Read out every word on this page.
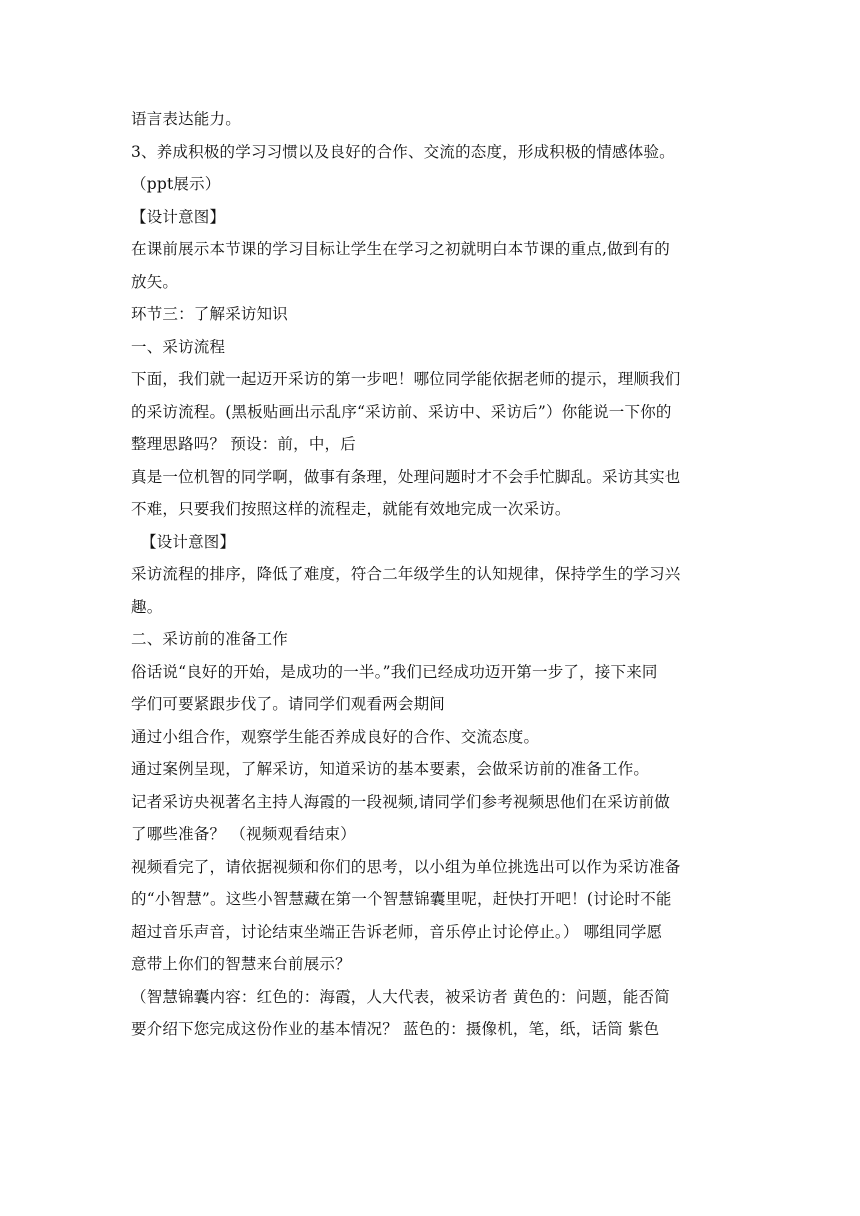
语言表达能力。
3、养成积极的学习习惯以及良好的合作、交流的态度，形成积极的情感体验。
（ppt展示）
【设计意图】
在课前展示本节课的学习目标让学生在学习之初就明白本节课的重点,做到有的
放矢。
环节三：了解采访知识
一、采访流程
下面，我们就一起迈开采访的第一步吧！哪位同学能依据老师的提示，理顺我们
的采访流程。(黑板贴画出示乱序“采访前、采访中、采访后”）你能说一下你的
整理思路吗？ 预设：前，中，后
真是一位机智的同学啊，做事有条理，处理问题时才不会手忙脚乱。采访其实也
不难，只要我们按照这样的流程走，就能有效地完成一次采访。
【设计意图】
采访流程的排序，降低了难度，符合二年级学生的认知规律，保持学生的学习兴
趣。
二、采访前的准备工作
俗话说“良好的开始，是成功的一半。”我们已经成功迈开第一步了，接下来同
学们可要紧跟步伐了。请同学们观看两会期间
通过小组合作，观察学生能否养成良好的合作、交流态度。
通过案例呈现，了解采访，知道采访的基本要素，会做采访前的准备工作。
记者采访央视著名主持人海霞的一段视频,请同学们参考视频思他们在采访前做
了哪些准备？ （视频观看结束）
视频看完了，请依据视频和你们的思考，以小组为单位挑选出可以作为采访准备
的“小智慧”。这些小智慧藏在第一个智慧锦囊里呢，赶快打开吧！(讨论时不能
超过音乐声音，讨论结束坐端正告诉老师，音乐停止讨论停止。） 哪组同学愿
意带上你们的智慧来台前展示？
（智慧锦囊内容：红色的：海霞，人大代表，被采访者 黄色的：问题，能否简
要介绍下您完成这份作业的基本情况？ 蓝色的：摄像机，笔，纸，话筒 紫色
